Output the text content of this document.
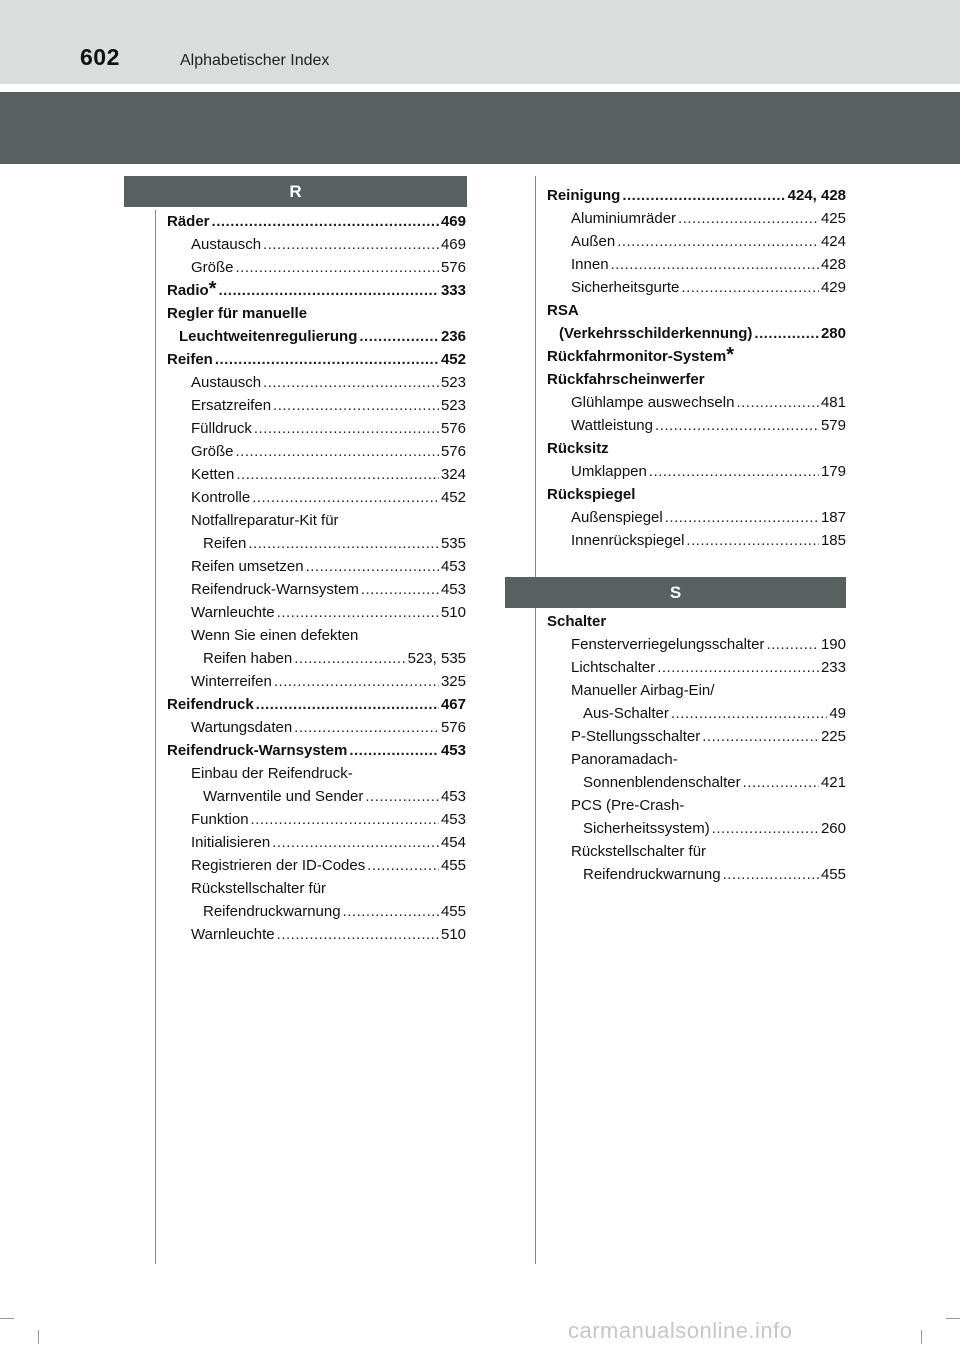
602	Alphabetischer Index
R
S
Räder .....	469
Austausch .....	469
Größe .....	576
Radio * .....	333
Regler für manuelle
Leuchtweitenregulierung .....	236
Reifen .....	452
Austausch .....	523
Ersatzreifen .....	523
Fülldruck .....	576
Größe .....	576
Ketten .....	324
Kontrolle .....	452
Notfallreparatur-Kit für
Reifen .....	535
Reifen umsetzen .....	453
Reifendruck-Warnsystem .....	453
Warnleuchte .....	510
Wenn Sie einen defekten
Reifen haben .....	523, 535
Winterreifen .....	325
Reifendruck .....	467
Wartungsdaten .....	576
Reifendruck-Warnsystem .....	453
Einbau der Reifendruck-
Warnventile und Sender .....	453
Funktion .....	453
Initialisieren .....	454
Registrieren der ID-Codes .....	455
Rückstellschalter für
Reifendruckwarnung .....	455
Warnleuchte .....	510
Reinigung .....	424, 428
Aluminiumräder .....	425
Außen .....	424
Innen .....	428
Sicherheitsgurte .....	429
RSA
(Verkehrsschilderkennung) .....	280
Rückfahrmonitor-System *
Rückfahrscheinwerfer
Glühlampe auswechseln .....	481
Wattleistung .....	579
Rücksitz
Umklappen .....	179
Rückspiegel
Außenspiegel .....	187
Innenrückspiegel .....	185
Schalter
Fensterverriegelungsschalter .....	190
Lichtschalter .....	233
Manueller Airbag-Ein/
Aus-Schalter .....	49
P-Stellungsschalter .....	225
Panoramadach-
Sonnenblendenschalter .....	421
PCS (Pre-Crash-
Sicherheitssystem) .....	260
Rückstellschalter für
Reifendruckwarnung .....	455
carmanualsonline.info
